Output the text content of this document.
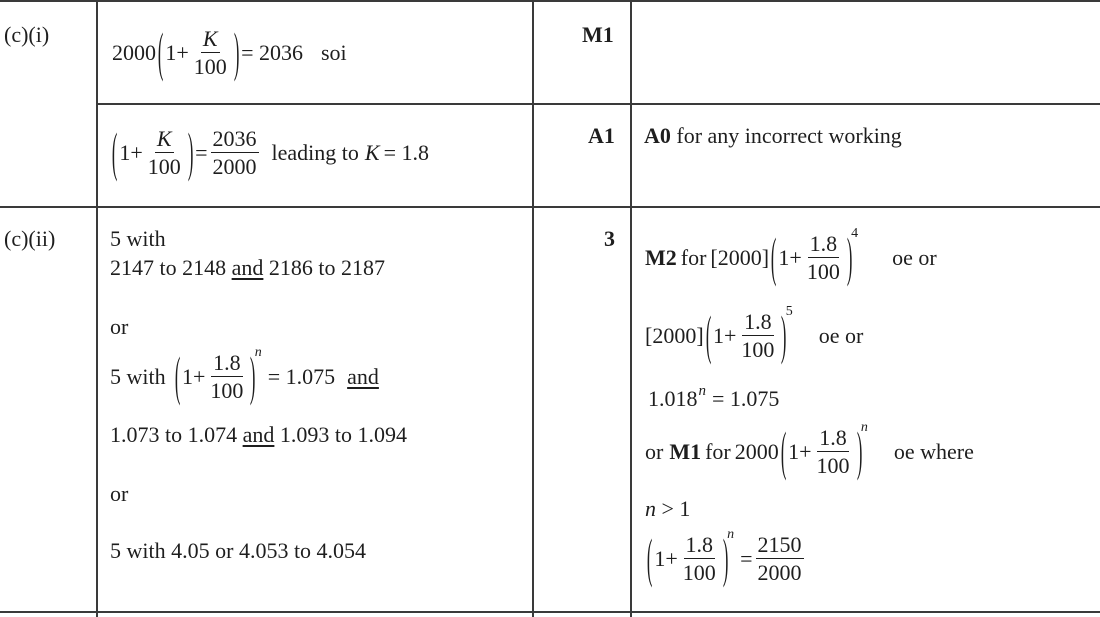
(c)(i)
2000 ( $1+ \frac{K}{100}$ ) = 2036 soi
M1
( $1+ \frac{K}{100}$ ) = $\frac{2036}{2000}$ leading to K = 1.8
A1 A0 for any incorrect working
(c)(ii) 5 with
2147 to 2148 and 2186 to 2187
or
5 with ( $1+ \frac{1.8}{100}$ )
n
= 1.075 and
1.073 to 1.074 and 1.093 to 1.094
or
5 with 4.05 or 4.053 to 4.054
3
M2 for [2000] ( $1+ \frac{1.8}{100}$ )
4
oe or
[2000] ( $1+ \frac{1.8}{100}$ )
5
oe or
1.018 n = 1.075
or M1 for 2000 ( $1+ \frac{1.8}{100}$ )
n
oe where
n > 1
( $1+ \frac{1.8}{100}$ )
n
= $\frac{2150}{2000}$
